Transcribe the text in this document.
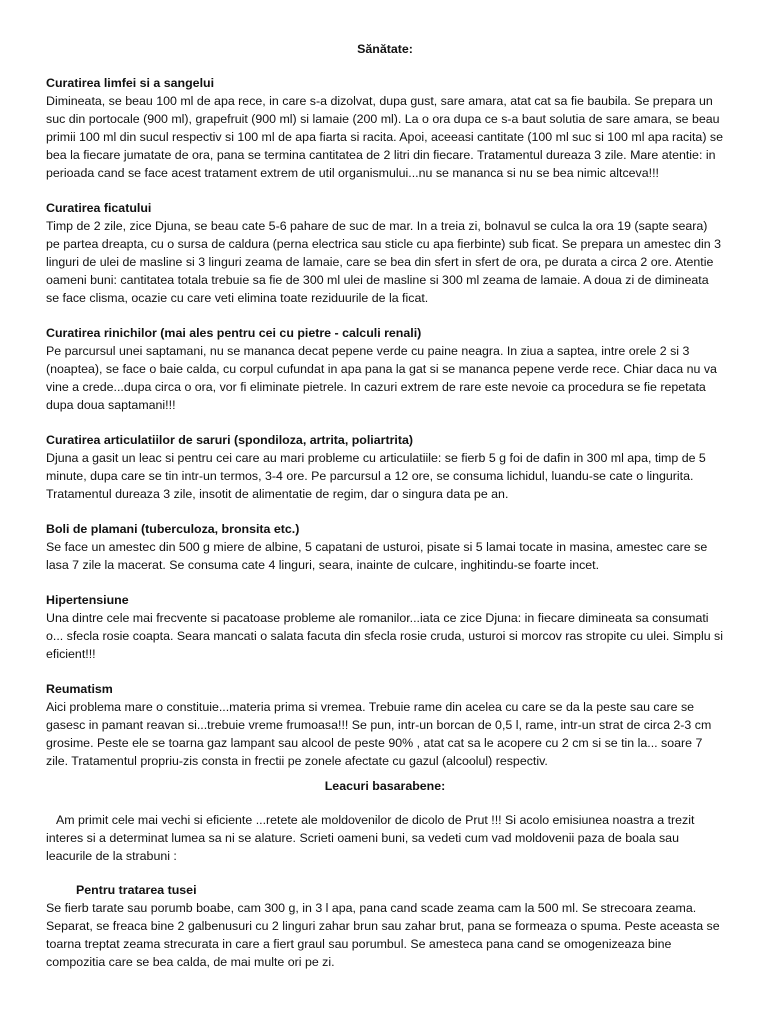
Sănătate:

Curatirea limfei si a sangelui

Dimineata, se beau 100 ml de apa rece, in care s-a dizolvat, dupa gust, sare amara, atat cat sa fie baubila. Se prepara un suc din portocale (900 ml), grapefruit (900 ml) si lamaie (200 ml). La o ora dupa ce s-a baut solutia de sare amara, se beau primii 100 ml din sucul respectiv si 100 ml de apa fiarta si racita. Apoi, aceeasi cantitate (100 ml suc si 100 ml apa racita) se bea la fiecare jumatate de ora, pana se termina cantitatea de 2 litri din fiecare. Tratamentul dureaza 3 zile. Mare atentie: in perioada cand se face acest tratament extrem de util organismului...nu se mananca si nu se bea nimic altceva!!!

Curatirea ficatului

Timp de 2 zile, zice Djuna, se beau cate 5-6 pahare de suc de mar. In a treia zi, bolnavul se culca la ora 19 (sapte seara) pe partea dreapta, cu o sursa de caldura (perna electrica sau sticle cu apa fierbinte) sub ficat. Se prepara un amestec din 3 linguri de ulei de masline si 3 linguri zeama de lamaie, care se bea din sfert in sfert de ora, pe durata a circa 2 ore. Atentie oameni buni: cantitatea totala trebuie sa fie de 300 ml ulei de masline si 300 ml zeama de lamaie. A doua zi de dimineata se face clisma, ocazie cu care veti elimina toate reziduurile de la ficat.

Curatirea rinichilor (mai ales pentru cei cu pietre - calculi renali)

Pe parcursul unei saptamani, nu se mananca decat pepene verde cu paine neagra. In ziua a saptea, intre orele 2 si 3 (noaptea), se face o baie calda, cu corpul cufundat in apa pana la gat si se mananca pepene verde rece. Chiar daca nu va vine a crede...dupa circa o ora, vor fi eliminate pietrele. In cazuri extrem de rare este nevoie ca procedura se fie repetata dupa doua saptamani!!!

Curatirea articulatiilor de saruri (spondiloza, artrita, poliartrita)

Djuna a gasit un leac si pentru cei care au mari probleme cu articulatiile: se fierb 5 g foi de dafin in 300 ml apa, timp de 5 minute, dupa care se tin intr-un termos, 3-4 ore. Pe parcursul a 12 ore, se consuma lichidul, luandu-se cate o lingurita. Tratamentul dureaza 3 zile, insotit de alimentatie de regim, dar o singura data pe an.

Boli de plamani (tuberculoza, bronsita etc.)

Se face un amestec din 500 g miere de albine, 5 capatani de usturoi, pisate si 5 lamai tocate in masina, amestec care se lasa 7 zile la macerat. Se consuma cate 4 linguri, seara, inainte de culcare, inghitindu-se foarte incet.

Hipertensiune

Una dintre cele mai frecvente si pacatoase probleme ale romanilor...iata ce zice Djuna: in fiecare dimineata sa consumati o... sfecla rosie coapta. Seara mancati o salata facuta din sfecla rosie cruda, usturoi si morcov ras stropite cu ulei. Simplu si eficient!!!

Reumatism

Aici problema mare o constituie...materia prima si vremea. Trebuie rame din acelea cu care se da la peste sau care se gasesc in pamant reavan si...trebuie vreme frumoasa!!! Se pun, intr-un borcan de 0,5 l, rame, intr-un strat de circa 2-3 cm grosime. Peste ele se toarna gaz lampant sau alcool de peste 90% , atat cat sa le acopere cu 2 cm si se tin la... soare 7 zile. Tratamentul propriu-zis consta in frectii pe zonele afectate cu gazul (alcoolul) respectiv.

Leacuri basarabene:

Am primit cele mai vechi si eficiente ...retete ale moldovenilor de dicolo de Prut !!! Si acolo emisiunea noastra a trezit interes si a determinat lumea sa ni se alature. Scrieti oameni buni, sa vedeti cum vad moldovenii paza de boala sau leacurile de la strabuni :

Pentru tratarea tusei

Se fierb tarate sau porumb boabe, cam 300 g, in 3 l apa, pana cand scade zeama cam la 500 ml. Se strecoara zeama. Separat, se freaca bine 2 galbenusuri cu 2 linguri zahar brun sau zahar brut, pana se formeaza o spuma. Peste aceasta se toarna treptat zeama strecurata in care a fiert graul sau porumbul. Se amesteca pana cand se omogenizeaza bine compozitia care se bea calda, de mai multe ori pe zi.
